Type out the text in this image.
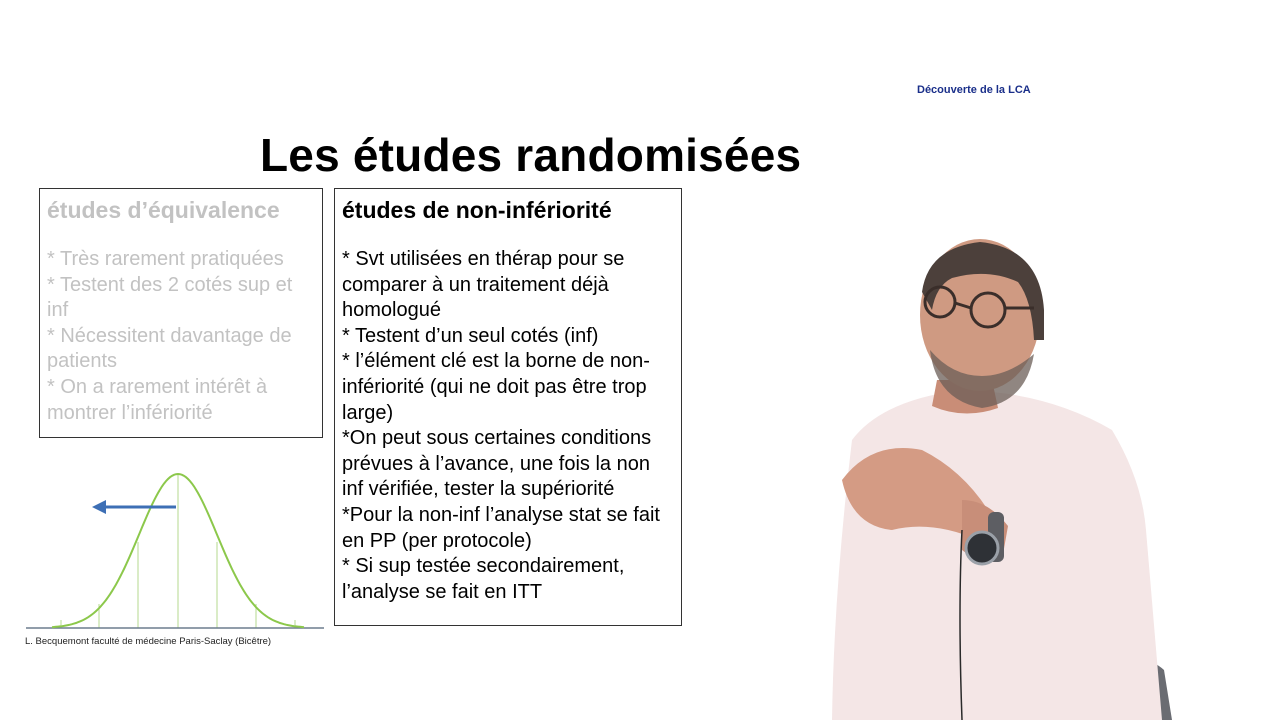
Découverte de la LCA
Les études randomisées

études d’équivalence

* Très rarement pratiquées
* Testent des 2 cotés sup et inf
* Nécessitent davantage de patients
* On a rarement intérêt à montrer l’infériorité

études de non-infériorité

* Svt utilisées en thérap pour se comparer à un traitement déjà homologué
* Testent d’un seul cotés (inf)
* l’élément clé est la borne de non-infériorité (qui ne doit pas être trop large)
*On peut sous certaines conditions prévues à l’avance, une fois la non inf vérifiée, tester la supériorité
*Pour la non-inf l’analyse stat se fait en PP (per protocole)
* Si sup testée secondairement, l’analyse se fait en ITT
L. Becquemont faculté de médecine Paris-Saclay (Bicêtre)
